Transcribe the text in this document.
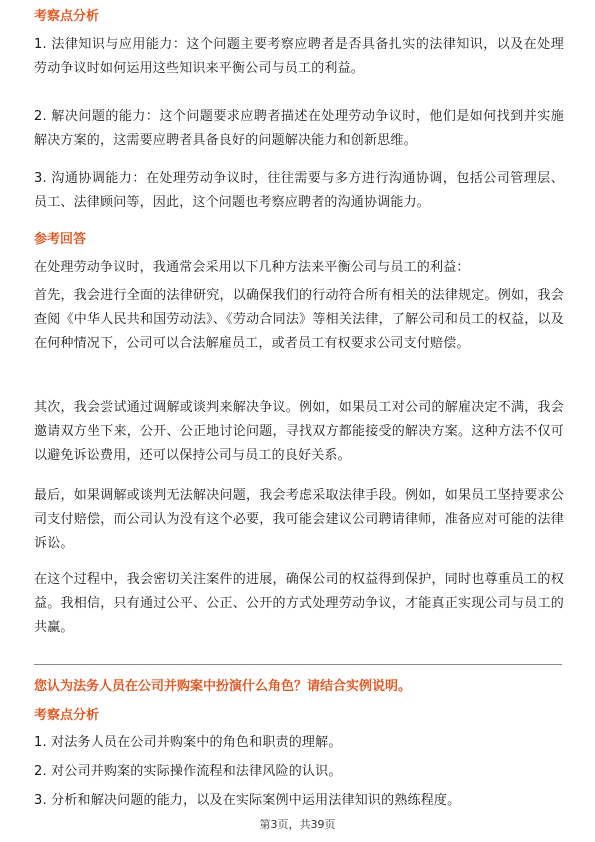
考察点分析
1. 法律知识与应用能力：这个问题主要考察应聘者是否具备扎实的法律知识，以及在处理劳动争议时如何运用这些知识来平衡公司与员工的利益。
2. 解决问题的能力：这个问题要求应聘者描述在处理劳动争议时，他们是如何找到并实施解决方案的，这需要应聘者具备良好的问题解决能力和创新思维。
3. 沟通协调能力：在处理劳动争议时，往往需要与多方进行沟通协调，包括公司管理层、员工、法律顾问等，因此，这个问题也考察应聘者的沟通协调能力。
参考回答
在处理劳动争议时，我通常会采用以下几种方法来平衡公司与员工的利益：
首先，我会进行全面的法律研究，以确保我们的行动符合所有相关的法律规定。例如，我会查阅《中华人民共和国劳动法》、《劳动合同法》等相关法律，了解公司和员工的权益，以及在何种情况下，公司可以合法解雇员工，或者员工有权要求公司支付赔偿。
其次，我会尝试通过调解或谈判来解决争议。例如，如果员工对公司的解雇决定不满，我会邀请双方坐下来，公开、公正地讨论问题，寻找双方都能接受的解决方案。这种方法不仅可以避免诉讼费用，还可以保持公司与员工的良好关系。
最后，如果调解或谈判无法解决问题，我会考虑采取法律手段。例如，如果员工坚持要求公司支付赔偿，而公司认为没有这个必要，我可能会建议公司聘请律师，准备应对可能的法律诉讼。
在这个过程中，我会密切关注案件的进展，确保公司的权益得到保护，同时也尊重员工的权益。我相信，只有通过公平、公正、公开的方式处理劳动争议，才能真正实现公司与员工的共赢。
您认为法务人员在公司并购案中扮演什么角色？请结合实例说明。
考察点分析
1. 对法务人员在公司并购案中的角色和职责的理解。
2. 对公司并购案的实际操作流程和法律风险的认识。
3. 分析和解决问题的能力，以及在实际案例中运用法律知识的熟练程度。
第3页，共39页
